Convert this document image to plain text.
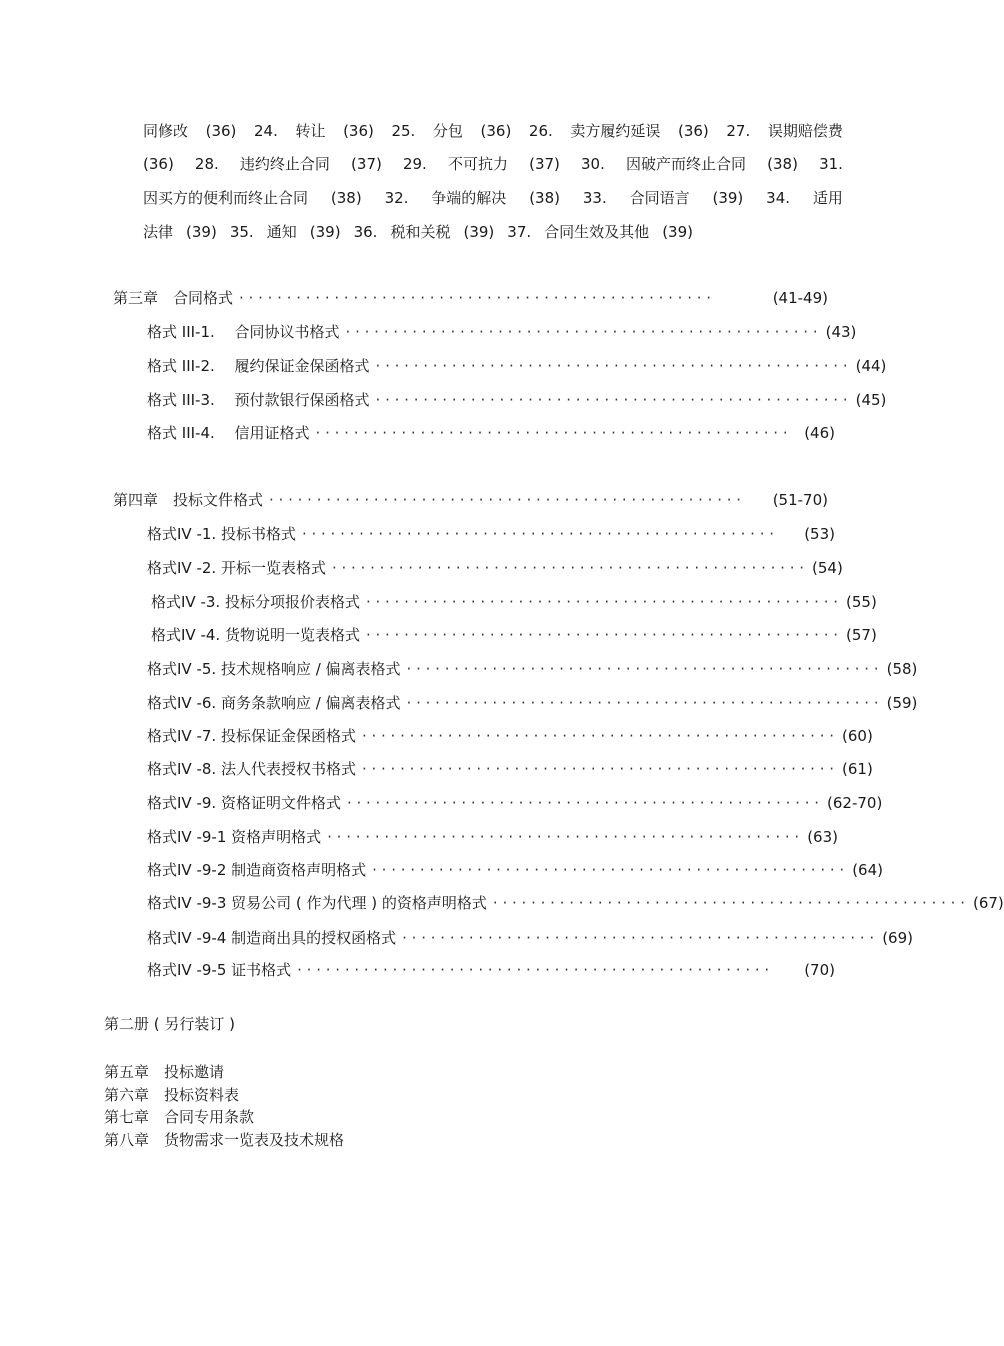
同修改 (36) 24. 转让 (36) 25. 分包 (36) 26. 卖方履约延误 (36) 27. 误期赔偿费
(36) 28. 违约终止合同 (37) 29. 不可抗力 (37) 30. 因破产而终止合同 (38) 31.
因买方的便利而终止合同 (38) 32. 争端的解决 (38) 33. 合同语言 (39) 34. 适用
法律 (39) 35. 通知 (39) 36. 税和关税 (39) 37. 合同生效及其他 (39)
第三章　合同格式 · · · · · · · · · · · · · · · · · · · · · · · · · · · · · · · · · · · · · · · · · · · · · · · · · ·	(41-49)
格式 III-1.　 合同协议书格式 · · · · · · · · · · · · · · · · · · · · · · · · · · · · · · · · · · · · · · · · · · · · · · · · · · (43)
格式 III-2.　 履约保证金保函格式 · · · · · · · · · · · · · · · · · · · · · · · · · · · · · · · · · · · · · · · · · · · · · · · · · · (44)
格式 III-3.　 预付款银行保函格式 · · · · · · · · · · · · · · · · · · · · · · · · · · · · · · · · · · · · · · · · · · · · · · · · · · (45)
格式 III-4.　 信用证格式 · · · · · · · · · · · · · · · · · · · · · · · · · · · · · · · · · · · · · · · · · · · · · · · · · ·	(46)
第四章　投标文件格式 · · · · · · · · · · · · · · · · · · · · · · · · · · · · · · · · · · · · · · · · · · · · · · · · · ·	(51-70)
格式IV -1. 投标书格式 · · · · · · · · · · · · · · · · · · · · · · · · · · · · · · · · · · · · · · · · · · · · · · · · · ·	(53)
格式IV -2. 开标一览表格式 · · · · · · · · · · · · · · · · · · · · · · · · · · · · · · · · · · · · · · · · · · · · · · · · · · (54)
格式IV -3. 投标分项报价表格式 · · · · · · · · · · · · · · · · · · · · · · · · · · · · · · · · · · · · · · · · · · · · · · · · · · (55)
格式IV -4. 货物说明一览表格式 · · · · · · · · · · · · · · · · · · · · · · · · · · · · · · · · · · · · · · · · · · · · · · · · · · (57)
格式IV -5. 技术规格响应 / 偏离表格式 · · · · · · · · · · · · · · · · · · · · · · · · · · · · · · · · · · · · · · · · · · · · · · · · · · (58)
格式IV -6. 商务条款响应 / 偏离表格式 · · · · · · · · · · · · · · · · · · · · · · · · · · · · · · · · · · · · · · · · · · · · · · · · · · (59)
格式IV -7. 投标保证金保函格式 · · · · · · · · · · · · · · · · · · · · · · · · · · · · · · · · · · · · · · · · · · · · · · · · · · (60)
格式IV -8. 法人代表授权书格式 · · · · · · · · · · · · · · · · · · · · · · · · · · · · · · · · · · · · · · · · · · · · · · · · · · (61)
格式IV -9. 资格证明文件格式 · · · · · · · · · · · · · · · · · · · · · · · · · · · · · · · · · · · · · · · · · · · · · · · · · · (62-70)
格式IV -9-1 资格声明格式 · · · · · · · · · · · · · · · · · · · · · · · · · · · · · · · · · · · · · · · · · · · · · · · · · · (63)
格式IV -9-2 制造商资格声明格式 · · · · · · · · · · · · · · · · · · · · · · · · · · · · · · · · · · · · · · · · · · · · · · · · · · (64)
格式IV -9-3 贸易公司 ( 作为代理 ) 的资格声明格式 · · · · · · · · · · · · · · · · · · · · · · · · · · · · · · · · · · · · · · · · · · · · · · · · · · (67)
格式IV -9-4 制造商出具的授权函格式 · · · · · · · · · · · · · · · · · · · · · · · · · · · · · · · · · · · · · · · · · · · · · · · · · · (69)
格式IV -9-5 证书格式 · · · · · · · · · · · · · · · · · · · · · · · · · · · · · · · · · · · · · · · · · · · · · · · · · ·	(70)
第二册 ( 另行装订 )
第五章　投标邀请
第六章　投标资料表
第七章　合同专用条款
第八章　货物需求一览表及技术规格
